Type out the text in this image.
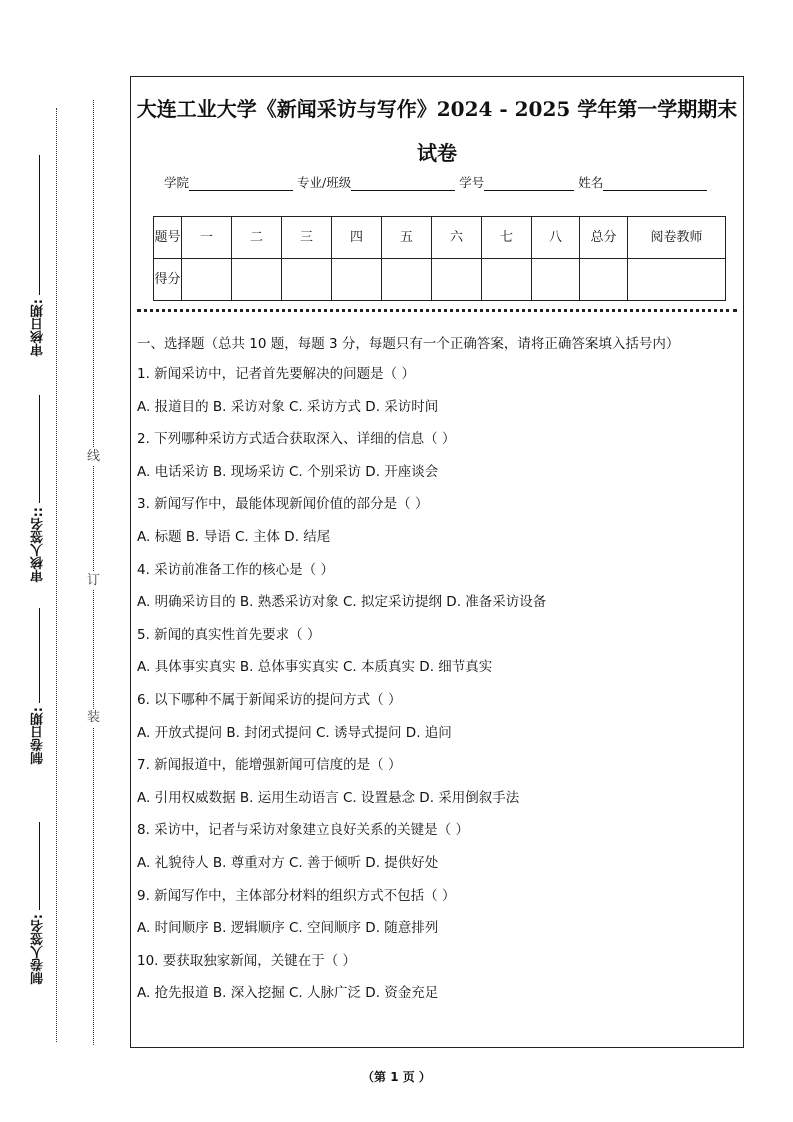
线
订
装
审核日期:
审核人签名::
制卷日期:
制卷人签名:
大连工业大学《新闻采访与写作》2024 - 2025 学年第一学期期末试卷
学院	专业/班级	学号	姓名
题号	一	二	三	四	五	六	七	八	总分	阅卷教师
得分										
一、选择题（总共 10 题，每题 3 分，每题只有一个正确答案，请将正确答案填入括号内）
1. 新闻采访中，记者首先要解决的问题是（ ）
A. 报道目的 B. 采访对象 C. 采访方式 D. 采访时间
2. 下列哪种采访方式适合获取深入、详细的信息（ ）
A. 电话采访 B. 现场采访 C. 个别采访 D. 开座谈会
3. 新闻写作中，最能体现新闻价值的部分是（ ）
A. 标题 B. 导语 C. 主体 D. 结尾
4. 采访前准备工作的核心是（ ）
A. 明确采访目的 B. 熟悉采访对象 C. 拟定采访提纲 D. 准备采访设备
5. 新闻的真实性首先要求（ ）
A. 具体事实真实 B. 总体事实真实 C. 本质真实 D. 细节真实
6. 以下哪种不属于新闻采访的提问方式（ ）
A. 开放式提问 B. 封闭式提问 C. 诱导式提问 D. 追问
7. 新闻报道中，能增强新闻可信度的是（ ）
A. 引用权威数据 B. 运用生动语言 C. 设置悬念 D. 采用倒叙手法
8. 采访中，记者与采访对象建立良好关系的关键是（ ）
A. 礼貌待人 B. 尊重对方 C. 善于倾听 D. 提供好处
9. 新闻写作中，主体部分材料的组织方式不包括（ ）
A. 时间顺序 B. 逻辑顺序 C. 空间顺序 D. 随意排列
10. 要获取独家新闻，关键在于（ ）
A. 抢先报道 B. 深入挖掘 C. 人脉广泛 D. 资金充足
（第 1 页 ）
